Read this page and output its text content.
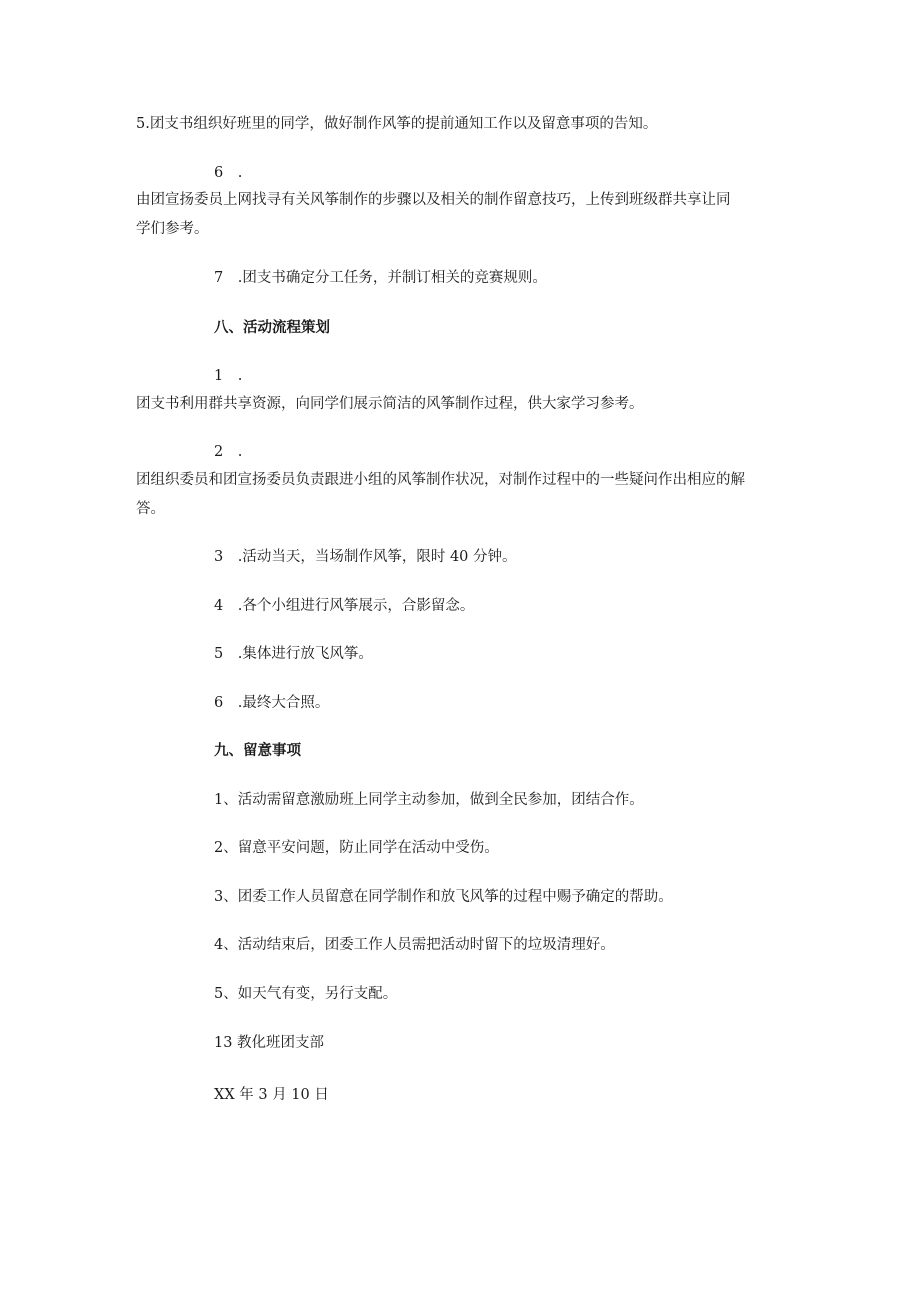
5.团支书组织好班里的同学，做好制作风筝的提前通知工作以及留意事项的告知。
6　.
由团宣扬委员上网找寻有关风筝制作的步骤以及相关的制作留意技巧，上传到班级群共享让同
学们参考。
7　.团支书确定分工任务，并制订相关的竞赛规则。
八、活动流程策划
1　.
团支书利用群共享资源，向同学们展示简洁的风筝制作过程，供大家学习参考。
2　.
团组织委员和团宣扬委员负责跟进小组的风筝制作状况，对制作过程中的一些疑问作出相应的解
答。
3　.活动当天，当场制作风筝，限时 40 分钟。
4　.各个小组进行风筝展示，合影留念。
5　.集体进行放飞风筝。
6　.最终大合照。
九、留意事项
1、活动需留意激励班上同学主动参加，做到全民参加，团结合作。
2、留意平安问题，防止同学在活动中受伤。
3、团委工作人员留意在同学制作和放飞风筝的过程中赐予确定的帮助。
4、活动结束后，团委工作人员需把活动时留下的垃圾清理好。
5、如天气有变，另行支配。
13 教化班团支部
XX 年 3 月 10 日
